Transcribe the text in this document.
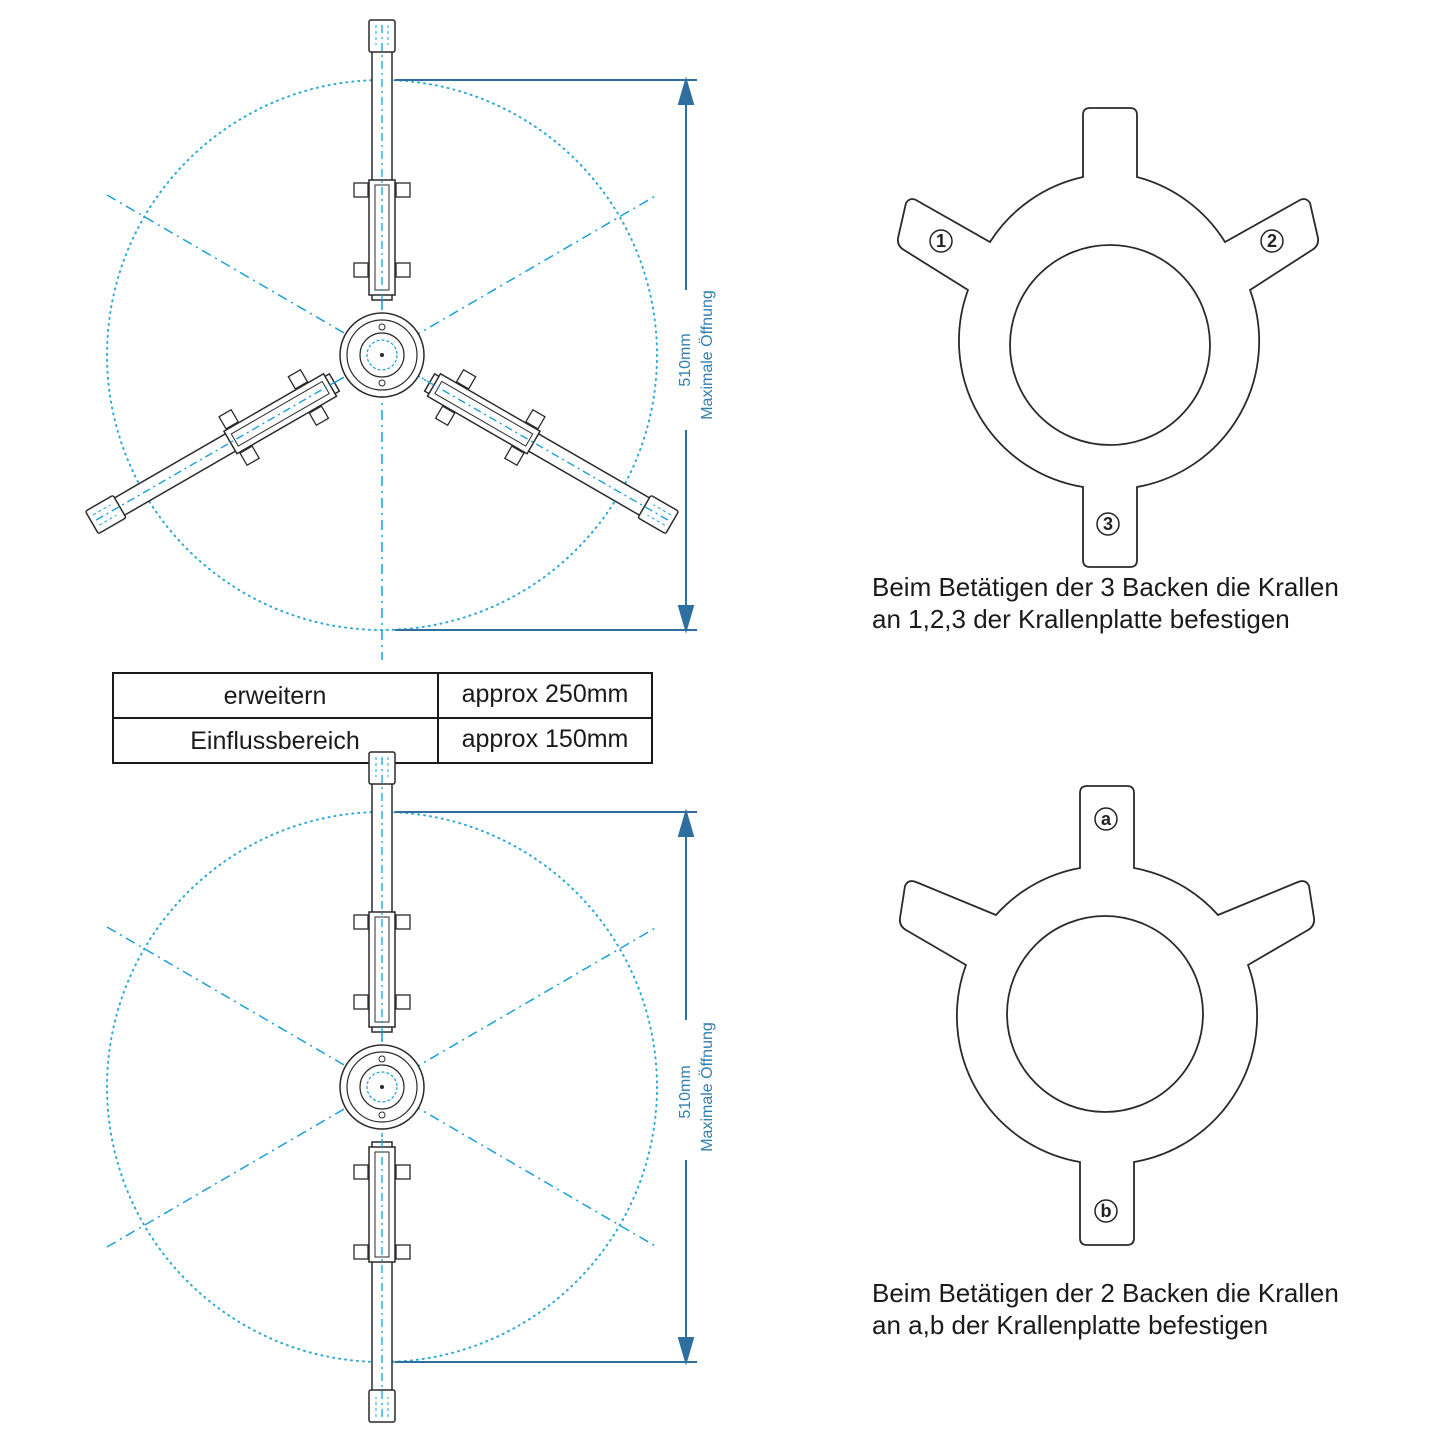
510mm Maximale Öffnung
erweitern	approx 250mm
Einflussbereich	approx 150mm
510mm Maximale Öffnung
1	2
3
Beim Betätigen der 3 Backen die Krallen
an 1,2,3 der Krallenplatte befestigen
a
b
Beim Betätigen der 2 Backen die Krallen
an a,b der Krallenplatte befestigen
